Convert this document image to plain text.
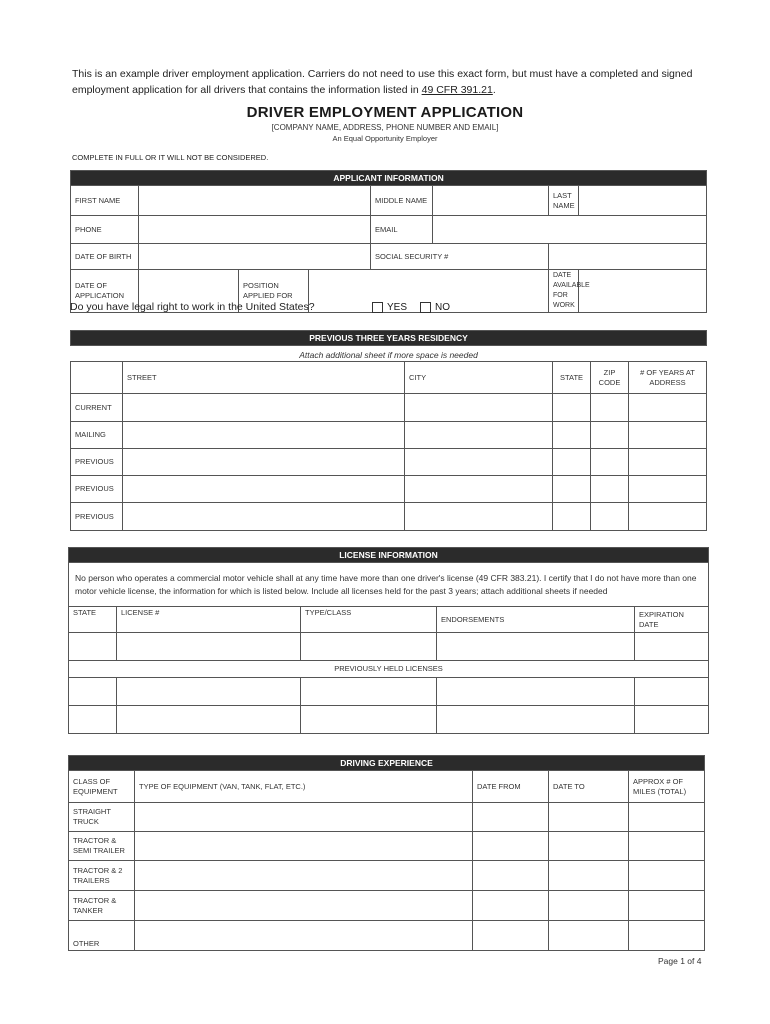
This is an example driver employment application. Carriers do not need to use this exact form, but must have a completed and signed employment application for all drivers that contains the information listed in 49 CFR 391.21.
DRIVER EMPLOYMENT APPLICATION
[COMPANY NAME, ADDRESS, PHONE NUMBER AND EMAIL]
An Equal Opportunity Employer
COMPLETE IN FULL OR IT WILL NOT BE CONSIDERED.
APPLICANT INFORMATION							
FIRST NAME				MIDDLE NAME		LAST NAME	
PHONE				EMAIL			
DATE OF BIRTH				SOCIAL SECURITY #			
DATE OF APPLICATION		POSITION APPLIED FOR				DATE AVAILABLE FOR WORK	
Do you have legal right to work in the United States?	YES	NO
PREVIOUS THREE YEARS RESIDENCY					
Attach additional sheet if more space is needed					
	STREET	CITY	STATE	ZIP CODE	# OF YEARS AT ADDRESS
CURRENT					
MAILING					
PREVIOUS					
PREVIOUS					
PREVIOUS					
LICENSE INFORMATION				
No person who operates a commercial motor vehicle shall at any time have more than one driver's license (49 CFR 383.21). I certify that I do not have more than one motor vehicle license, the information for which is listed below. Include all licenses held for the past 3 years; attach additional sheets if needed				
STATE	LICENSE #	TYPE/CLASS	ENDORSEMENTS	EXPIRATION DATE

PREVIOUSLY HELD LICENSES				

DRIVING EXPERIENCE				
CLASS OF EQUIPMENT	TYPE OF EQUIPMENT (VAN, TANK, FLAT, ETC.)	DATE FROM	DATE TO	APPROX # OF MILES (TOTAL)
STRAIGHT TRUCK				
TRACTOR & SEMI TRAILER				
TRACTOR & 2 TRAILERS				
TRACTOR & TANKER				
OTHER				
Page 1 of 4
